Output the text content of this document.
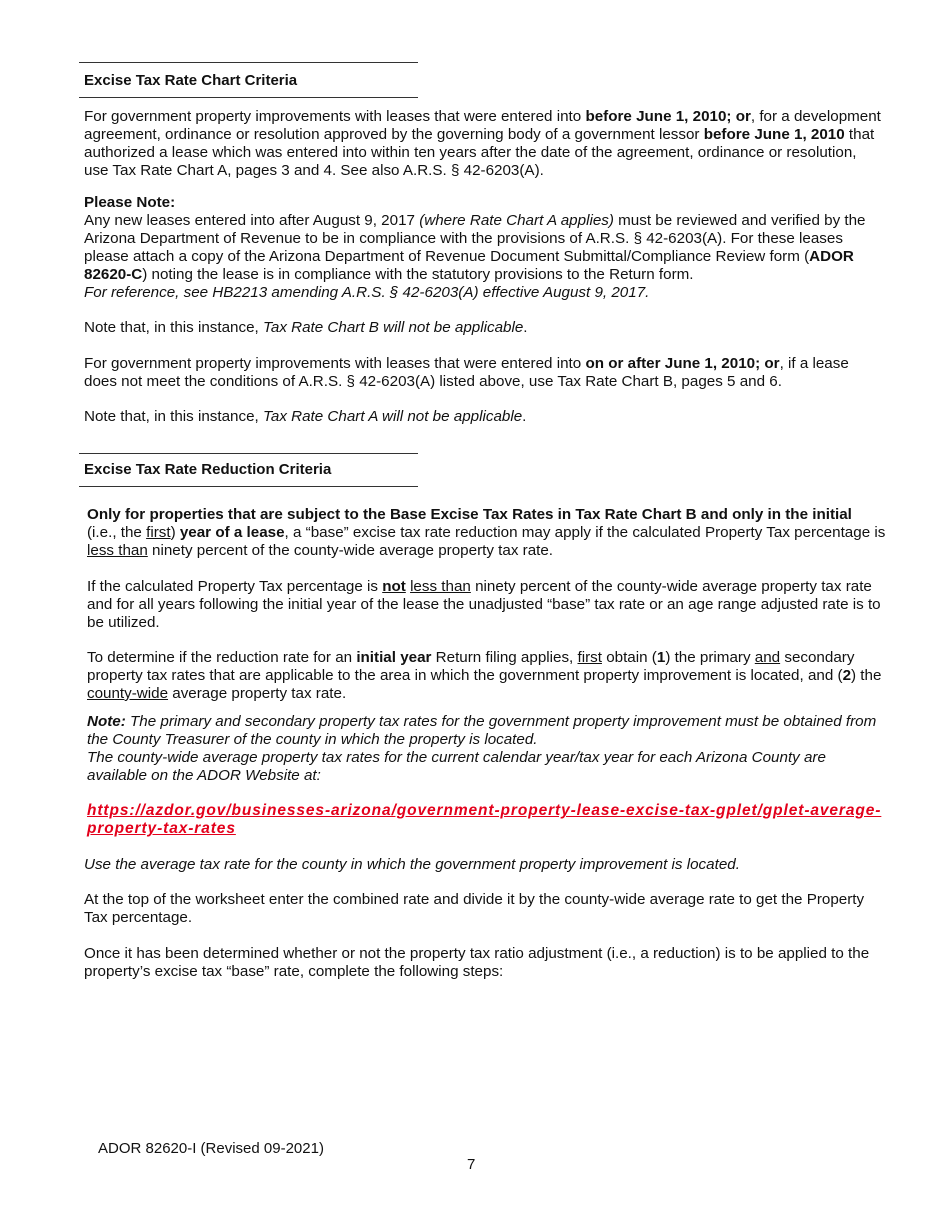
Excise Tax Rate Chart Criteria
For government property improvements with leases that were entered into before June 1, 2010; or, for a development agreement, ordinance or resolution approved by the governing body of a government lessor before June 1, 2010 that authorized a lease which was entered into within ten years after the date of the agreement, ordinance or resolution, use Tax Rate Chart A, pages 3 and 4. See also A.R.S. § 42-6203(A).
Please Note:
Any new leases entered into after August 9, 2017 (where Rate Chart A applies) must be reviewed and verified by the Arizona Department of Revenue to be in compliance with the provisions of A.R.S. § 42-6203(A). For these leases please attach a copy of the Arizona Department of Revenue Document Submittal/Compliance Review form (ADOR 82620-C) noting the lease is in compliance with the statutory provisions to the Return form.
For reference, see HB2213 amending A.R.S. § 42-6203(A) effective August 9, 2017.
Note that, in this instance, Tax Rate Chart B will not be applicable.
For government property improvements with leases that were entered into on or after June 1, 2010; or, if a lease does not meet the conditions of A.R.S. § 42-6203(A) listed above, use Tax Rate Chart B, pages 5 and 6.
Note that, in this instance, Tax Rate Chart A will not be applicable.
Excise Tax Rate Reduction Criteria
Only for properties that are subject to the Base Excise Tax Rates in Tax Rate Chart B and only in the initial
(i.e., the first) year of a lease, a “base” excise tax rate reduction may apply if the calculated Property Tax percentage is less than ninety percent of the county-wide average property tax rate.
If the calculated Property Tax percentage is not less than ninety percent of the county-wide average property tax rate and for all years following the initial year of the lease the unadjusted “base” tax rate or an age range adjusted rate is to be utilized.
To determine if the reduction rate for an initial year Return filing applies, first obtain (1) the primary and secondary property tax rates that are applicable to the area in which the government property improvement is located, and (2) the county-wide average property tax rate.
Note: The primary and secondary property tax rates for the government property improvement must be obtained from the County Treasurer of the county in which the property is located.
The county-wide average property tax rates for the current calendar year/tax year for each Arizona County are available on the ADOR Website at:
https://azdor.gov/businesses-arizona/government-property-lease-excise-tax-gplet/gplet-average-property-tax-rates
Use the average tax rate for the county in which the government property improvement is located.
At the top of the worksheet enter the combined rate and divide it by the county-wide average rate to get the Property Tax percentage.
Once it has been determined whether or not the property tax ratio adjustment (i.e., a reduction) is to be applied to the property’s excise tax “base” rate, complete the following steps:
ADOR 82620-I (Revised 09-2021)
7
